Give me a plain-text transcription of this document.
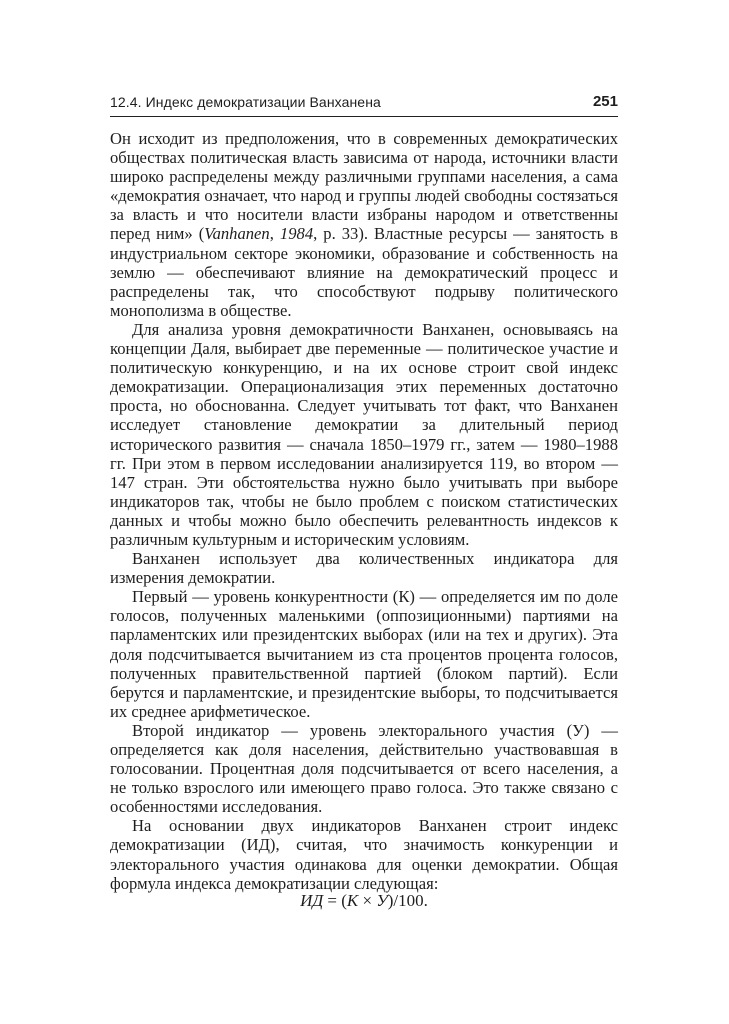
12.4. Индекс демократизации Ванханена	251

Он исходит из предположения, что в современных демократических обществах политическая власть зависима от народа, источники власти широко распределены между различными группами населения, а сама «демократия означает, что народ и группы людей свободны состязаться за власть и что носители власти избраны народом и ответственны перед ним» (Vanhanen, 1984, p. 33). Властные ресурсы — занятость в индустриальном секторе экономики, образование и собственность на землю — обеспечивают влияние на демократический процесс и распределены так, что способствуют подрыву политического монополизма в обществе.

Для анализа уровня демократичности Ванханен, основываясь на концепции Даля, выбирает две переменные — политическое участие и политическую конкуренцию, и на их основе строит свой индекс демократизации. Операционализация этих переменных достаточно проста, но обоснованна. Следует учитывать тот факт, что Ванханен исследует становление демократии за длительный период исторического развития — сначала 1850–1979 гг., затем — 1980–1988 гг. При этом в первом исследовании анализируется 119, во втором — 147 стран. Эти обстоятельства нужно было учитывать при выборе индикаторов так, чтобы не было проблем с поиском статистических данных и чтобы можно было обеспечить релевантность индексов к различным культурным и историческим условиям.

Ванханен использует два количественных индикатора для измерения демократии.

Первый — уровень конкурентности (К) — определяется им по доле голосов, полученных маленькими (оппозиционными) партиями на парламентских или президентских выборах (или на тех и других). Эта доля подсчитывается вычитанием из ста процентов процента голосов, полученных правительственной партией (блоком партий). Если берутся и парламентские, и президентские выборы, то подсчитывается их среднее арифметическое.

Второй индикатор — уровень электорального участия (У) — определяется как доля населения, действительно участвовавшая в голосовании. Процентная доля подсчитывается от всего населения, а не только взрослого или имеющего право голоса. Это также связано с особенностями исследования.

На основании двух индикаторов Ванханен строит индекс демократизации (ИД), считая, что значимость конкуренции и электорального участия одинакова для оценки демократии. Общая формула индекса демократизации следующая:

ИД = (К × У)/100.
